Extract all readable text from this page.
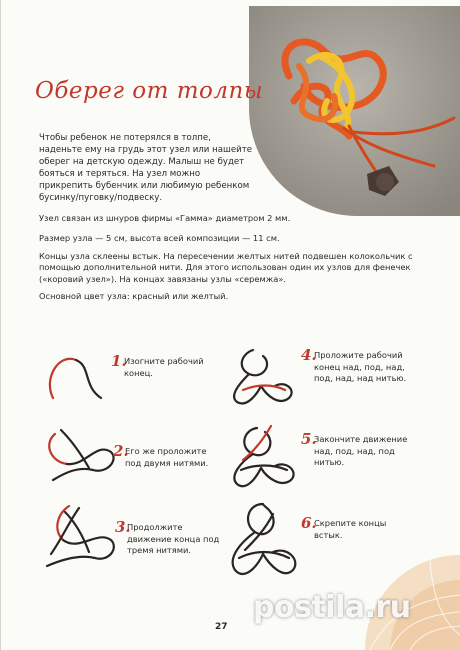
Оберег от толпы

Чтобы ребенок не потерялся в толпе, наденьте ему на грудь этот узел или нашейте оберег на детскую одежду. Малыш не будет бояться и теряться. На узел можно прикрепить бубенчик или любимую ребенком бусинку/пуговку/подвеску.

Узел связан из шнуров фирмы «Гамма» диаметром 2 мм.

Размер узла — 5 см, высота всей композиции — 11 см.

Концы узла склеены встык. На пересечении желтых нитей подвешен колокольчик с помощью дополнительной нити. Для этого использован один их узлов для фенечек («коровий узел»). На концах завязаны узлы «серемжа».

Основной цвет узла: красный или желтый.

1.

Изогните рабочий конец.

2.

Его же проложите под двумя нитями.

3.

Продолжите движение конца под тремя нитями.

4.

Проложите рабочий конец над, под, над, под, над, над нитью.

5.

Закончите движение над, под, над, под нитью.

6.

Скрепите концы встык.

postila.ru
27
